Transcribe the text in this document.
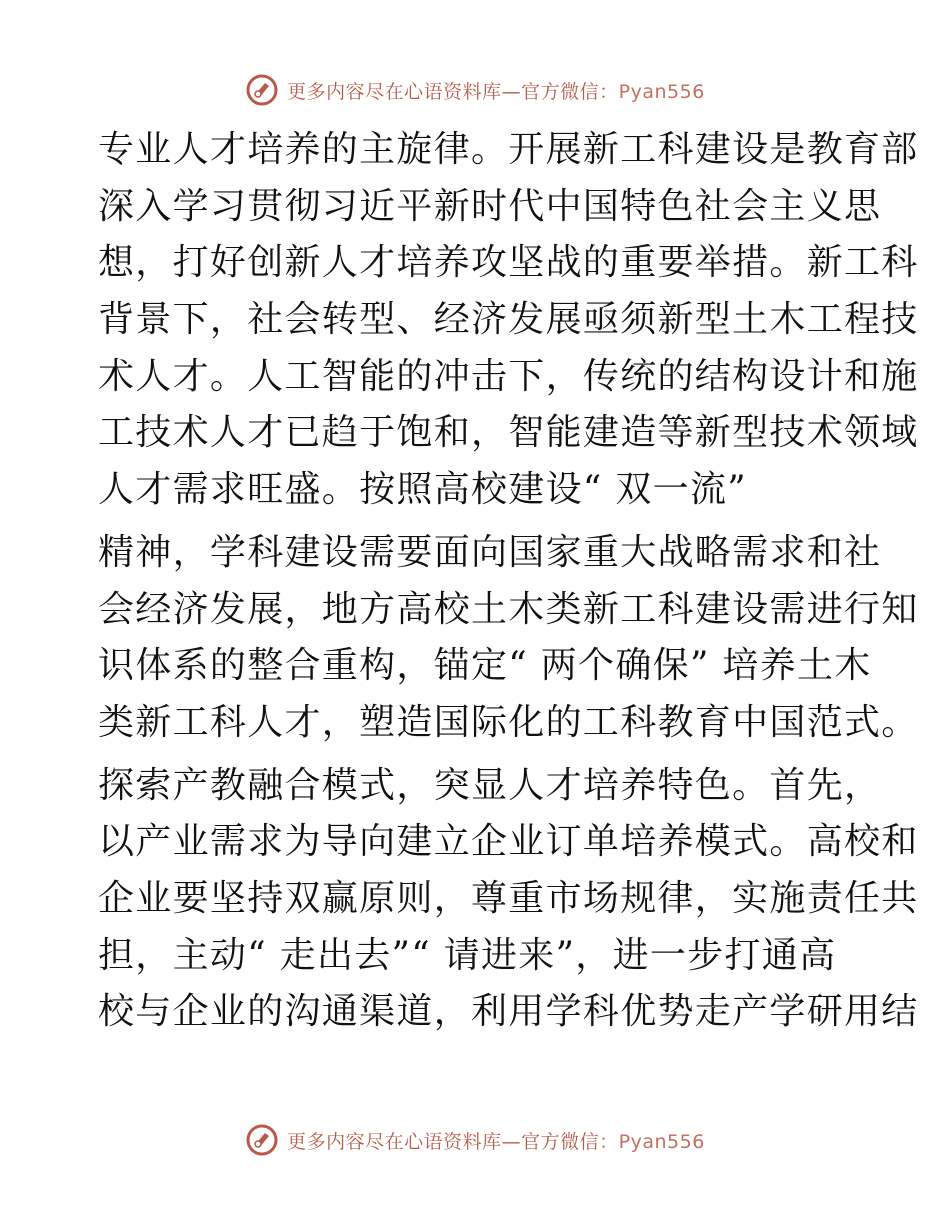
更多内容尽在心语资料库—官方微信：Pyan556
专业人才培养的主旋律。开展新工科建设是教育部
深入学习贯彻习近平新时代中国特色社会主义思
想，打好创新人才培养攻坚战的重要举措。新工科
背景下，社会转型、经济发展亟须新型土木工程技
术人才。人工智能的冲击下，传统的结构设计和施
工技术人才已趋于饱和，智能建造等新型技术领域
人才需求旺盛。按照高校建设“ 双一流”
精神，学科建设需要面向国家重大战略需求和社
会经济发展，地方高校土木类新工科建设需进行知
识体系的整合重构，锚定“ 两个确保” 培养土木
类新工科人才，塑造国际化的工科教育中国范式。
探索产教融合模式，突显人才培养特色。首先，
以产业需求为导向建立企业订单培养模式。高校和
企业要坚持双赢原则，尊重市场规律，实施责任共
担，主动“ 走出去”“ 请进来”，进一步打通高
校与企业的沟通渠道，利用学科优势走产学研用结
更多内容尽在心语资料库—官方微信：Pyan556
